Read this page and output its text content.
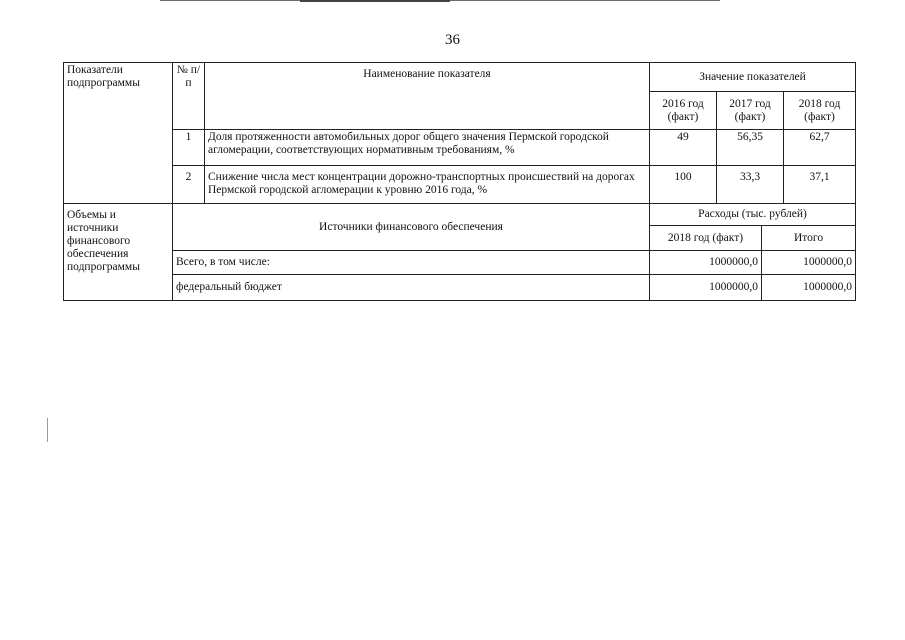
36
Показатели подпрограммы	№ п/п	Наименование показателя	Значение показателей			
			2016 год (факт)	2017 год (факт)		2018 год (факт)
	1	Доля протяженности автомобильных дорог общего значения Пермской городской агломерации, соответствующих нормативным требованиям, %	49	56,35		62,7
	2	Снижение числа мест концентрации дорожно-транспортных происшествий на дорогах Пермской городской агломерации к уровню 2016 года, %	100	33,3		37,1
Объемы и источники финансового обеспечения подпрограммы	Источники финансового обеспечения		Расходы (тыс. рублей)			
			2018 год (факт)		Итого	
	Всего, в том числе:		1000000,0		1000000,0	
	федеральный бюджет		1000000,0		1000000,0	
